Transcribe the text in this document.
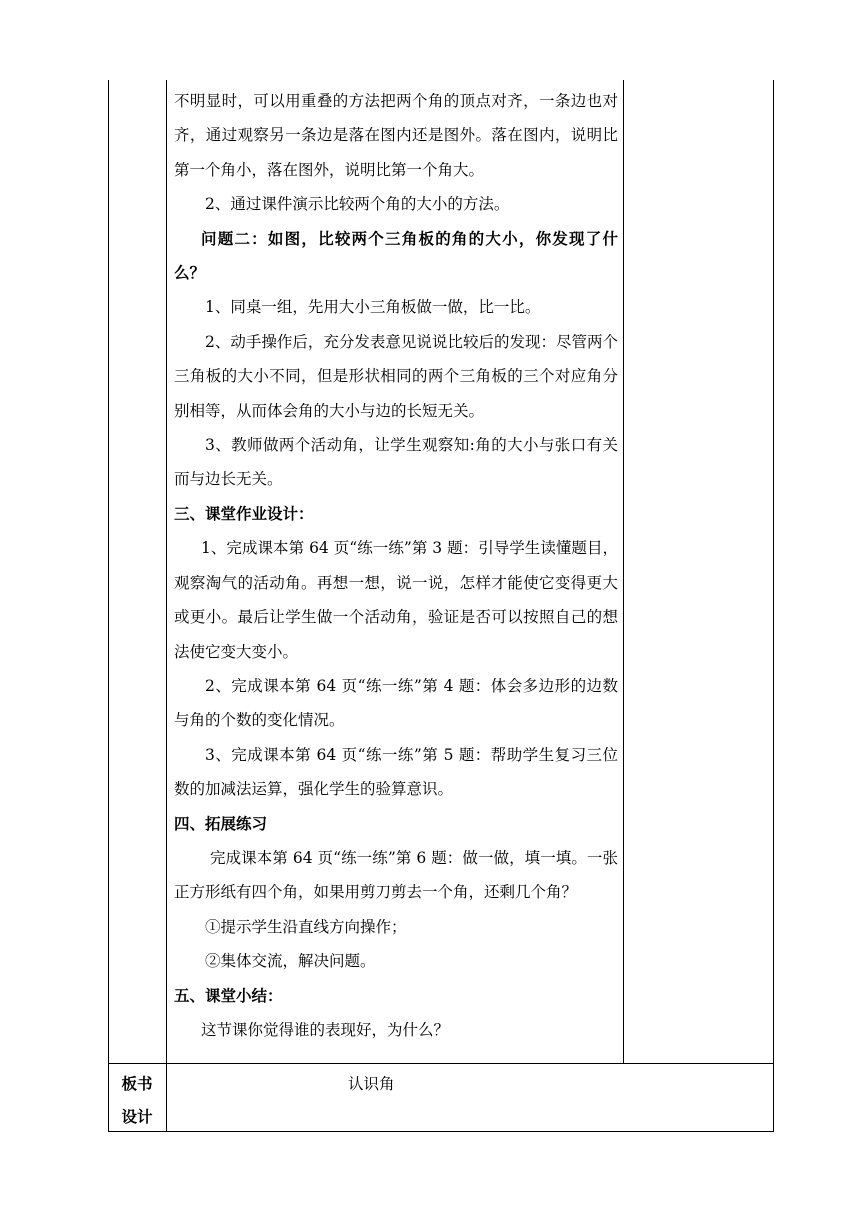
不明显时，可以用重叠的方法把两个角的顶点对齐，一条边也对齐，通过观察另一条边是落在图内还是图外。落在图内，说明比第一个角小，落在图外，说明比第一个角大。

2、通过课件演示比较两个角的大小的方法。

问题二：如图，比较两个三角板的角的大小，你发现了什么？

1、同桌一组，先用大小三角板做一做，比一比。

2、动手操作后，充分发表意见说说比较后的发现：尽管两个三角板的大小不同，但是形状相同的两个三角板的三个对应角分别相等，从而体会角的大小与边的长短无关。

3、教师做两个活动角，让学生观察知:角的大小与张口有关而与边长无关。

三、课堂作业设计：

1、完成课本第 64 页“练一练”第 3 题：引导学生读懂题目，观察淘气的活动角。再想一想，说一说，怎样才能使它变得更大或更小。最后让学生做一个活动角，验证是否可以按照自己的想法使它变大变小。

2、完成课本第 64 页“练一练”第 4 题：体会多边形的边数与角的个数的变化情况。

3、完成课本第 64 页“练一练”第 5 题：帮助学生复习三位数的加减法运算，强化学生的验算意识。

四、拓展练习

完成课本第 64 页“练一练”第 6 题：做一做，填一填。一张正方形纸有四个角，如果用剪刀剪去一个角，还剩几个角？

①提示学生沿直线方向操作；

②集体交流，解决问题。

五、课堂小结：

这节课你觉得谁的表现好，为什么？

板书
设计
认识角
